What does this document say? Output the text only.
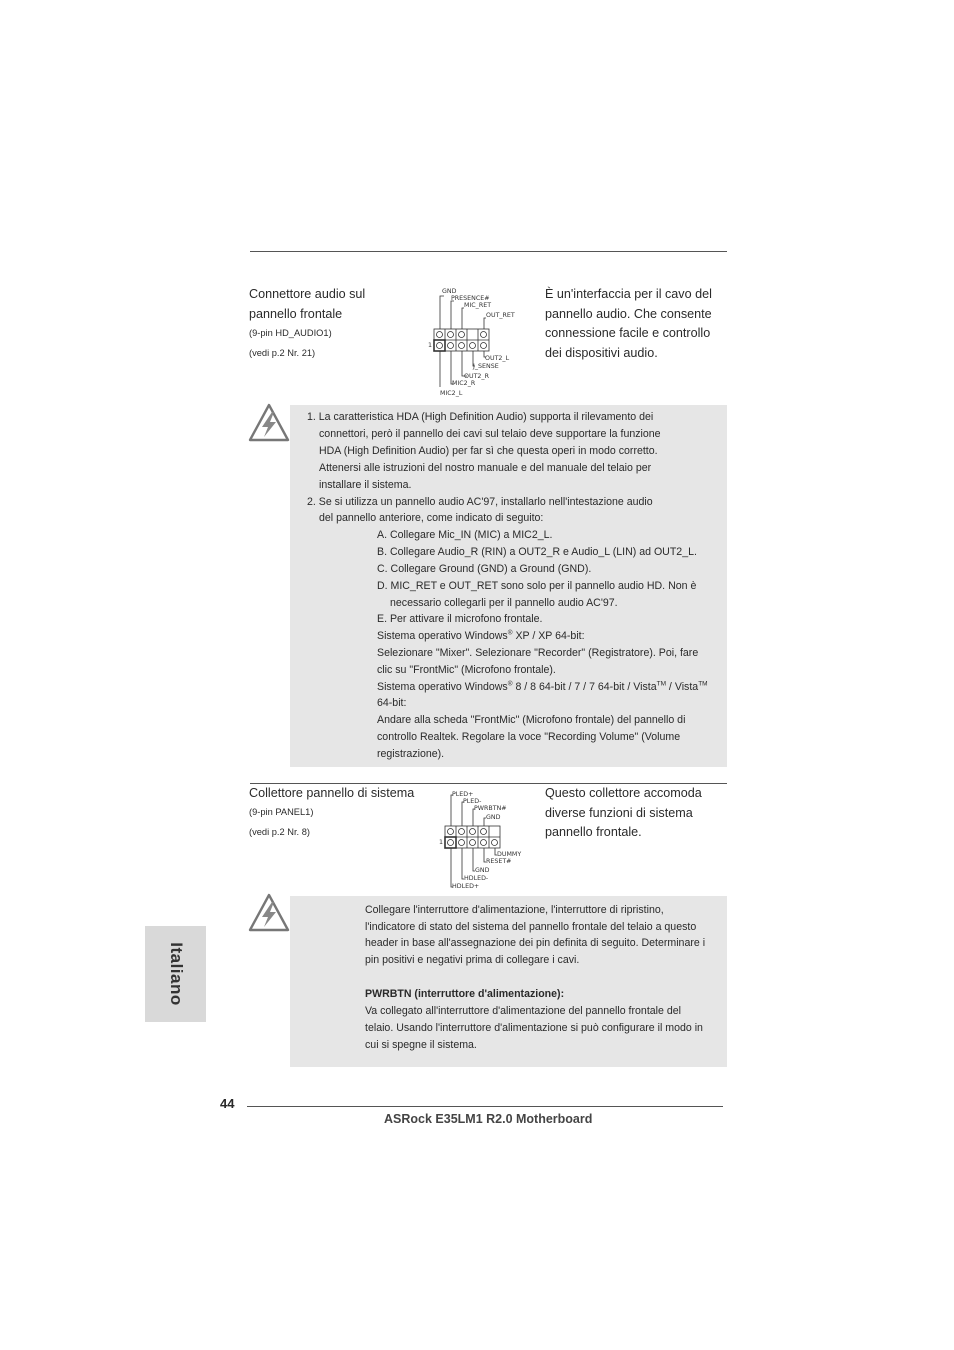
Connettore audio sul
pannello frontale
(9-pin HD_AUDIO1)
(vedi p.2 Nr. 21)
È un'interfaccia per il cavo del
pannello audio. Che consente
connessione facile e controllo
dei dispositivi audio.
GND
PRESENCE#
MIC_RET
OUT_RET
1
OUT2_L
J_SENSE
OUT2_R
MIC2_R
MIC2_L
1. La caratteristica HDA (High Definition Audio) supporta il rilevamento dei
connettori, però il pannello dei cavi sul telaio deve supportare la funzione
HDA (High Definition Audio) per far sì che questa operi in modo corretto.
Attenersi alle istruzioni del nostro manuale e del manuale del telaio per
installare il sistema.
2. Se si utilizza un pannello audio AC'97, installarlo nell'intestazione audio
del pannello anteriore, come indicato di seguito:
A. Collegare Mic_IN (MIC) a MIC2_L.
B. Collegare Audio_R (RIN) a OUT2_R e Audio_L (LIN) ad OUT2_L.
C. Collegare Ground (GND) a Ground (GND).
D. MIC_RET e OUT_RET sono solo per il pannello audio HD. Non è
necessario collegarli per il pannello audio AC'97.
E. Per attivare il microfono frontale.
Sistema operativo Windows® XP / XP 64-bit:
Selezionare "Mixer". Selezionare "Recorder" (Registratore). Poi, fare
clic su "FrontMic" (Microfono frontale).
Sistema operativo Windows® 8 / 8 64-bit / 7 / 7 64-bit / Vista™ / Vista™
64-bit:
Andare alla scheda "FrontMic" (Microfono frontale) del pannello di
controllo Realtek. Regolare la voce "Recording Volume" (Volume
registrazione).
Collettore pannello di sistema
(9-pin PANEL1)
(vedi p.2 Nr. 8)
Questo collettore accomoda
diverse funzioni di sistema
pannello frontale.
PLED+
PLED-
PWRBTN#
GND
1
DUMMY
RESET#
GND
HDLED-
HDLED+
Collegare l'interruttore d'alimentazione, l'interruttore di ripristino,
l'indicatore di stato del sistema del pannello frontale del telaio a questo
header in base all'assegnazione dei pin definita di seguito. Determinare i
pin positivi e negativi prima di collegare i cavi.
PWRBTN (interruttore d'alimentazione):
Va collegato all'interruttore d'alimentazione del pannello frontale del
telaio. Usando l'interruttore d'alimentazione si può configurare il modo in
cui si spegne il sistema.
Italiano
44
ASRock E35LM1 R2.0 Motherboard
